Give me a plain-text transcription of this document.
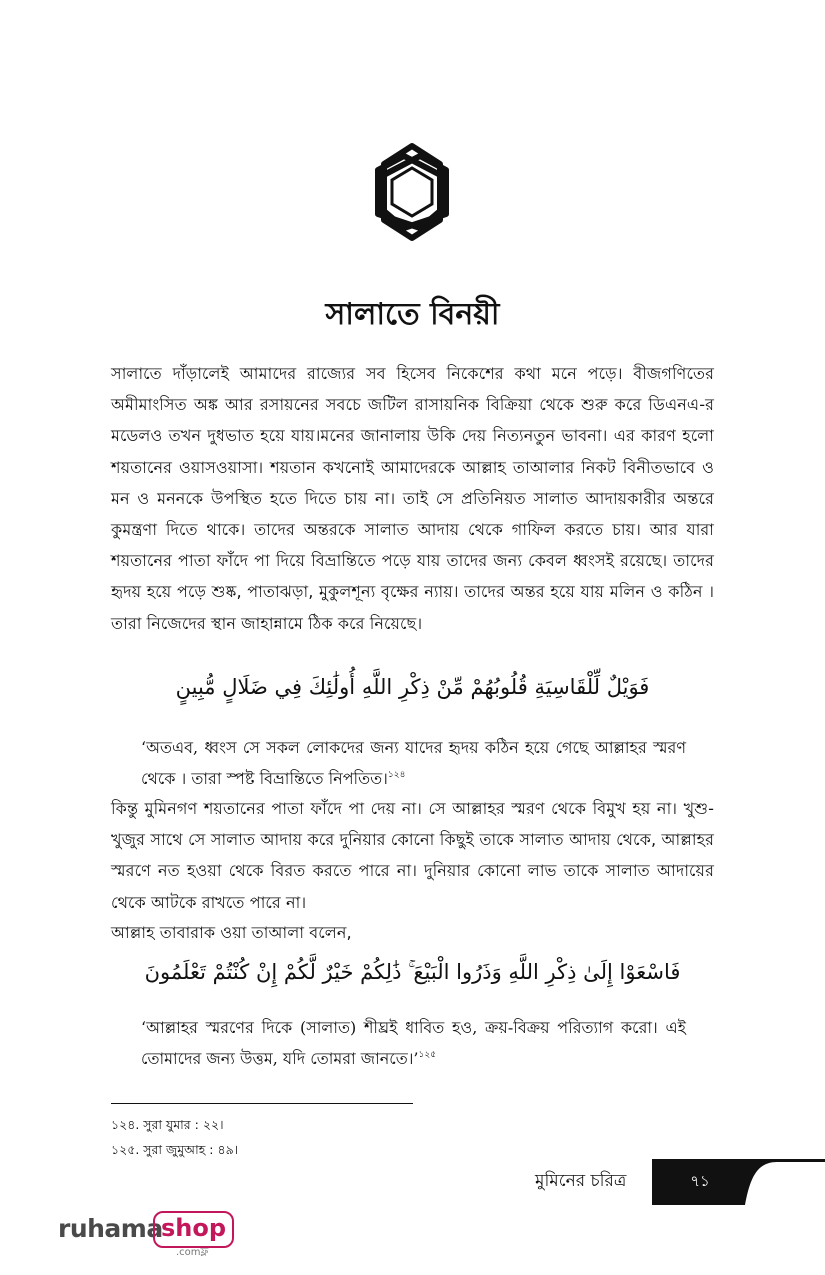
সালাতে বিনয়ী
সালাতে দাঁড়ালেই আমাদের রাজ্যের সব হিসেব নিকেশের কথা মনে পড়ে। বীজগণিতের অমীমাংসিত অঙ্ক আর রসায়নের সবচে জটিল রাসায়নিক বিক্রিয়া থেকে শুরু করে ডিএনএ-র মডেলও তখন দুধভাত হয়ে যায়।মনের জানালায় উকি দেয় নিত্যনতুন ভাবনা। এর কারণ হলো শয়তানের ওয়াসওয়াসা। শয়তান কখনোই আমাদেরকে আল্লাহ তাআলার নিকট বিনীতভাবে ও মন ও মননকে উপস্থিত হতে দিতে চায় না। তাই সে প্রতিনিয়ত সালাত আদায়কারীর অন্তরে কুমন্ত্রণা দিতে থাকে। তাদের অন্তরকে সালাত আদায় থেকে গাফিল করতে চায়। আর যারা শয়তানের পাতা ফাঁদে পা দিয়ে বিভ্রান্তিতে পড়ে যায় তাদের জন্য কেবল ধ্বংসই রয়েছে। তাদের হৃদয় হয়ে পড়ে শুষ্ক, পাতাঝড়া, মুকুলশূন্য বৃক্ষের ন্যায়। তাদের অন্তর হয়ে যায় মলিন ও কঠিন । তারা নিজেদের স্থান জাহান্নামে ঠিক করে নিয়েছে।
فَوَيْلٌ لِّلْقَاسِيَةِ قُلُوبُهُمْ مِّنْ ذِكْرِ اللَّهِ أُولَٰئِكَ فِي ضَلَالٍ مُّبِينٍ
‘অতএব, ধ্বংস সে সকল লোকদের জন্য যাদের হৃদয় কঠিন হয়ে গেছে আল্লাহর স্মরণ থেকে । তারা স্পষ্ট বিভ্রান্তিতে নিপতিত।$^{১২৪}$
কিন্তু মুমিনগণ শয়তানের পাতা ফাঁদে পা দেয় না। সে আল্লাহর স্মরণ থেকে বিমুখ হয় না। খুশু-খুজুর সাথে সে সালাত আদায় করে দুনিয়ার কোনো কিছুই তাকে সালাত আদায় থেকে, আল্লাহর স্মরণে নত হওয়া থেকে বিরত করতে পারে না। দুনিয়ার কোনো লাভ তাকে সালাত আদায়ের থেকে আটকে রাখতে পারে না।
আল্লাহ তাবারাক ওয়া তাআলা বলেন,
فَاسْعَوْا إِلَىٰ ذِكْرِ اللَّهِ وَذَرُوا الْبَيْعَ ۚ ذَٰلِكُمْ خَيْرٌ لَّكُمْ إِنْ كُنْتُمْ تَعْلَمُونَ
‘আল্লাহর স্মরণের দিকে (সালাত) শীঘ্রই ধাবিত হও, ক্রয়-বিক্রয় পরিত্যাগ করো। এই তোমাদের জন্য উত্তম, যদি তোমরা জানতে।’$^{১২৫}$
১২৪. সুরা যুমার : ২২।
১২৫. সুরা জুমুআহ : ৪৯।
মুমিনের চরিত্র	৭১
ruhama
shop
.comফ্ল
